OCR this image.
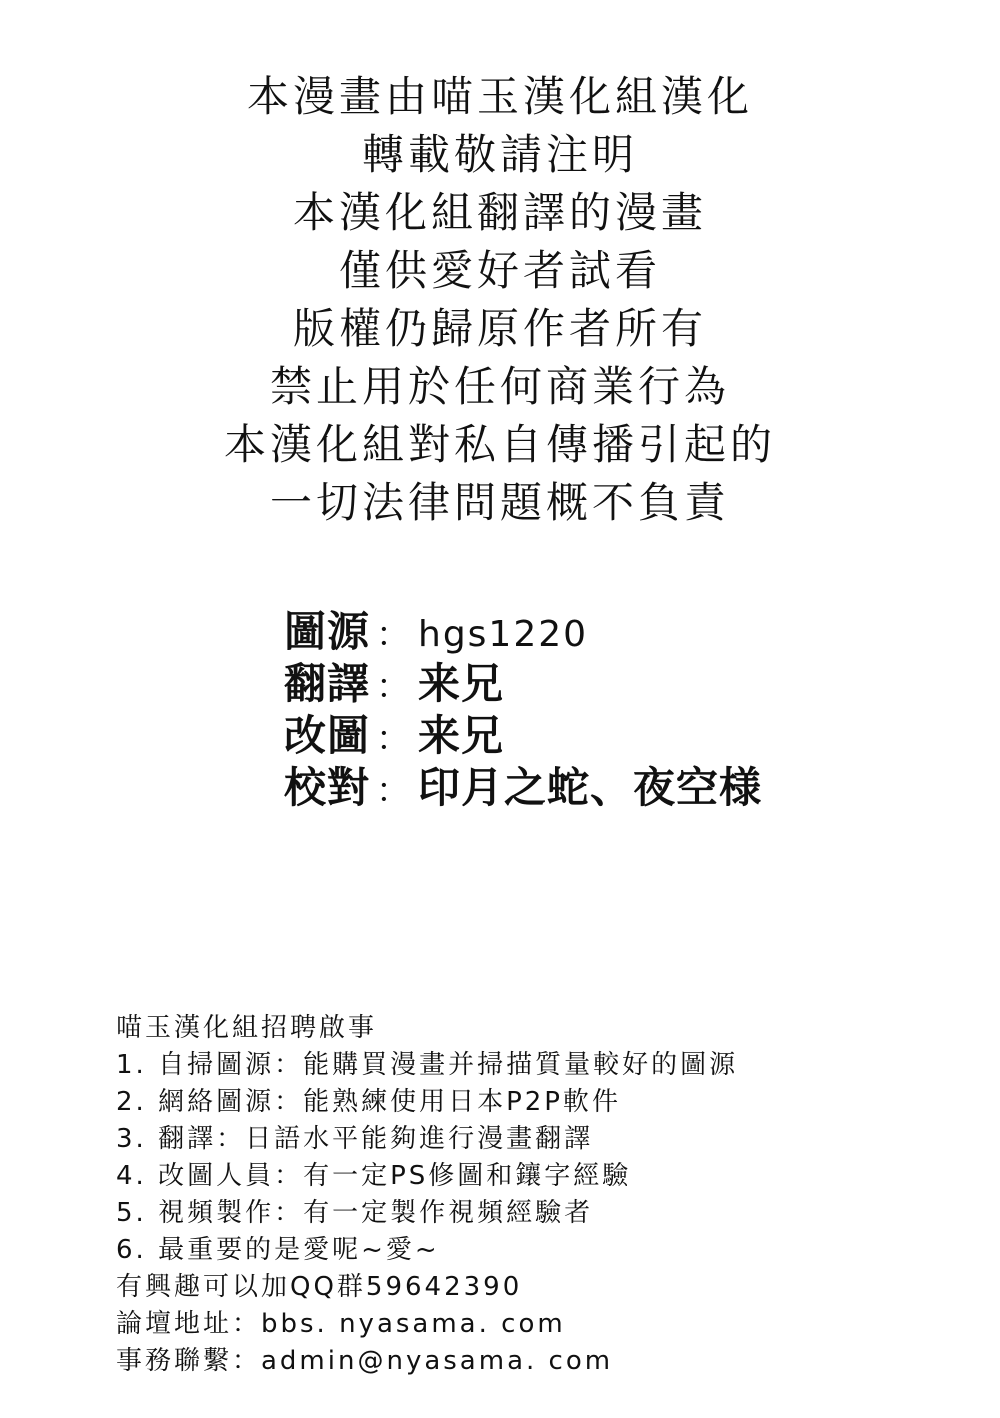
本漫畫由喵玉漢化組漢化
轉載敬請注明
本漢化組翻譯的漫畫
僅供愛好者試看
版權仍歸原作者所有
禁止用於任何商業行為
本漢化組對私自傳播引起的
一切法律問題概不負責
圖源 ： hgs1220
翻譯 ： 来兄
改圖 ： 来兄
校對 ： 印月之蛇、夜空様
喵玉漢化組招聘啟事
1. 自掃圖源：能購買漫畫并掃描質量較好的圖源
2. 網絡圖源：能熟練使用日本P2P軟件
3. 翻譯：日語水平能夠進行漫畫翻譯
4. 改圖人員：有一定PS修圖和鑲字經驗
5. 視頻製作：有一定製作視頻經驗者
6. 最重要的是愛呢~愛~
有興趣可以加QQ群59642390
論壇地址：bbs. nyasama. com
事務聯繫：admin@nyasama. com
